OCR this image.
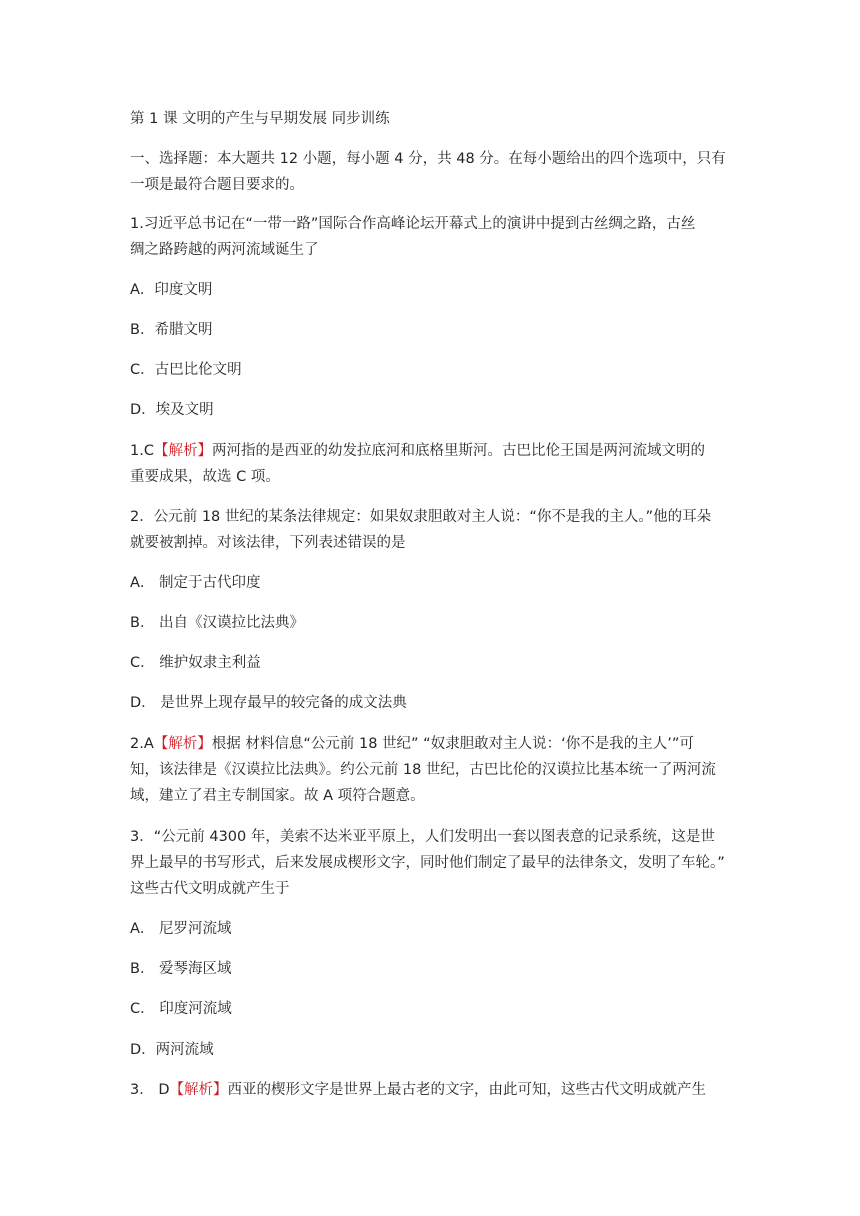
第 1 课 文明的产生与早期发展 同步训练
一、选择题：本大题共 12 小题，每小题 4 分，共 48 分。在每小题给出的四个选项中，只有
一项是最符合题目要求的。
1.习近平总书记在“一带一路”国际合作高峰论坛开幕式上的演讲中提到古丝绸之路，古丝
绸之路跨越的两河流域诞生了
A．印度文明
B．希腊文明
C．古巴比伦文明
D．埃及文明
1.C【解析】两河指的是西亚的幼发拉底河和底格里斯河。古巴比伦王国是两河流域文明的
重要成果，故选 C 项。
2．公元前 18 世纪的某条法律规定：如果奴隶胆敢对主人说：“你不是我的主人。”他的耳朵
就要被割掉。对该法律，下列表述错误的是
A． 制定于古代印度
B． 出自《汉谟拉比法典》
C． 维护奴隶主利益
D． 是世界上现存最早的较完备的成文法典
2.A【解析】根据 材料信息“公元前 18 世纪” “奴隶胆敢对主人说：‘你不是我的主人’”可
知，该法律是《汉谟拉比法典》。约公元前 18 世纪，古巴比伦的汉谟拉比基本统一了两河流
域，建立了君主专制国家。故 A 项符合题意。
3．“公元前 4300 年，美索不达米亚平原上，人们发明出一套以图表意的记录系统，这是世
界上最早的书写形式，后来发展成楔形文字，同时他们制定了最早的法律条文，发明了车轮。”
这些古代文明成就产生于
A． 尼罗河流域
B． 爱琴海区域
C． 印度河流域
D．两河流域
3． D【解析】西亚的楔形文字是世界上最古老的文字，由此可知，这些古代文明成就产生
